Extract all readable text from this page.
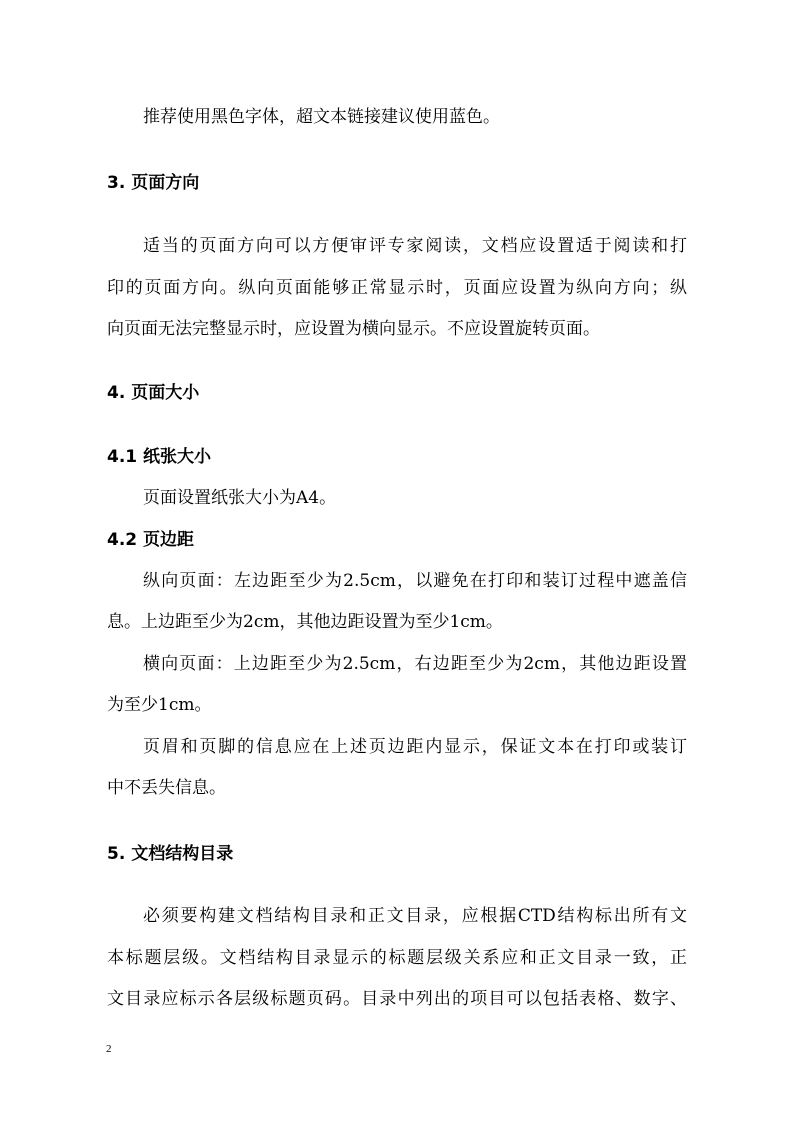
推荐使用黑色字体，超文本链接建议使用蓝色。
3. 页面方向
适当的页面方向可以方便审评专家阅读，文档应设置适于阅读和打
印的页面方向。纵向页面能够正常显示时，页面应设置为纵向方向；纵
向页面无法完整显示时，应设置为横向显示。不应设置旋转页面。
4. 页面大小
4.1 纸张大小
页面设置纸张大小为A4。
4.2 页边距
纵向页面：左边距至少为2.5cm，以避免在打印和装订过程中遮盖信
息。上边距至少为2cm，其他边距设置为至少1cm。
横向页面：上边距至少为2.5cm，右边距至少为2cm，其他边距设置
为至少1cm。
页眉和页脚的信息应在上述页边距内显示，保证文本在打印或装订
中不丢失信息。
5. 文档结构目录
必须要构建文档结构目录和正文目录，应根据CTD结构标出所有文
本标题层级。文档结构目录显示的标题层级关系应和正文目录一致，正
文目录应标示各层级标题页码。目录中列出的项目可以包括表格、数字、
2
